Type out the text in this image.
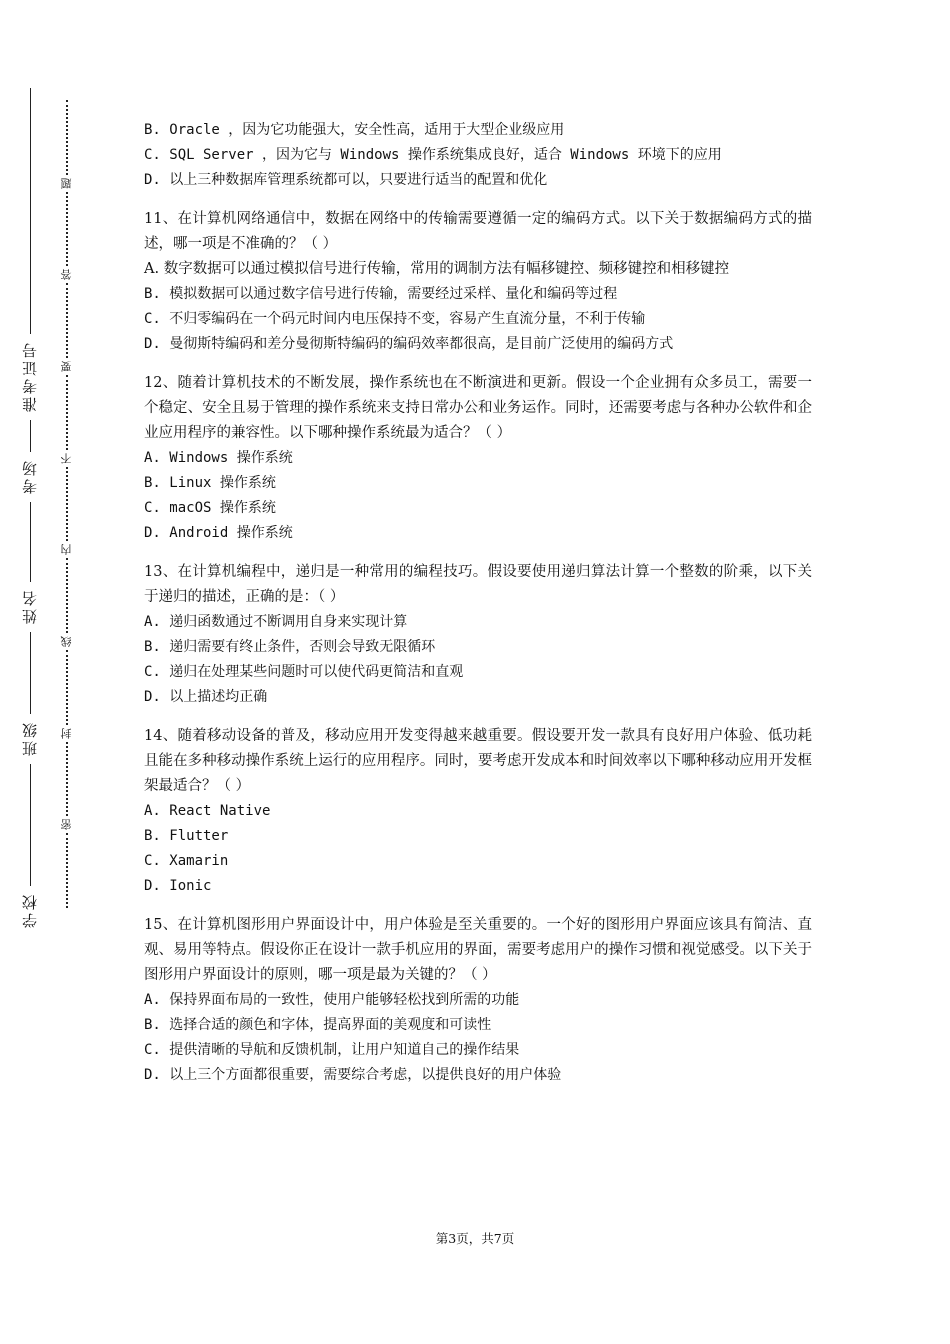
准考证号
考场
姓名
班级
学校
题
答
要
不
内
线
封
密
B. Oracle ，因为它功能强大，安全性高，适用于大型企业级应用
C. SQL Server ，因为它与 Windows 操作系统集成良好，适合 Windows 环境下的应用
D. 以上三种数据库管理系统都可以，只要进行适当的配置和优化
11、在计算机网络通信中，数据在网络中的传输需要遵循一定的编码方式。以下关于数据编码方式的描述，哪一项是不准确的？（ ）
A. 数字数据可以通过模拟信号进行传输，常用的调制方法有幅移键控、频移键控和相移键控
B. 模拟数据可以通过数字信号进行传输，需要经过采样、量化和编码等过程
C. 不归零编码在一个码元时间内电压保持不变，容易产生直流分量，不利于传输
D. 曼彻斯特编码和差分曼彻斯特编码的编码效率都很高，是目前广泛使用的编码方式
12、随着计算机技术的不断发展，操作系统也在不断演进和更新。假设一个企业拥有众多员工，需要一个稳定、安全且易于管理的操作系统来支持日常办公和业务运作。同时，还需要考虑与各种办公软件和企业应用程序的兼容性。以下哪种操作系统最为适合？（ ）
A. Windows 操作系统
B. Linux 操作系统
C. macOS 操作系统
D. Android 操作系统
13、在计算机编程中，递归是一种常用的编程技巧。假设要使用递归算法计算一个整数的阶乘，以下关于递归的描述，正确的是：（ ）
A. 递归函数通过不断调用自身来实现计算
B. 递归需要有终止条件，否则会导致无限循环
C. 递归在处理某些问题时可以使代码更简洁和直观
D. 以上描述均正确
14、随着移动设备的普及，移动应用开发变得越来越重要。假设要开发一款具有良好用户体验、低功耗且能在多种移动操作系统上运行的应用程序。同时，要考虑开发成本和时间效率以下哪种移动应用开发框架最适合？（ ）
A. React Native
B. Flutter
C. Xamarin
D. Ionic
15、在计算机图形用户界面设计中，用户体验是至关重要的。一个好的图形用户界面应该具有简洁、直观、易用等特点。假设你正在设计一款手机应用的界面，需要考虑用户的操作习惯和视觉感受。以下关于图形用户界面设计的原则，哪一项是最为关键的？（ ）
A. 保持界面布局的一致性，使用户能够轻松找到所需的功能
B. 选择合适的颜色和字体，提高界面的美观度和可读性
C. 提供清晰的导航和反馈机制，让用户知道自己的操作结果
D. 以上三个方面都很重要，需要综合考虑，以提供良好的用户体验
第3页，共7页
